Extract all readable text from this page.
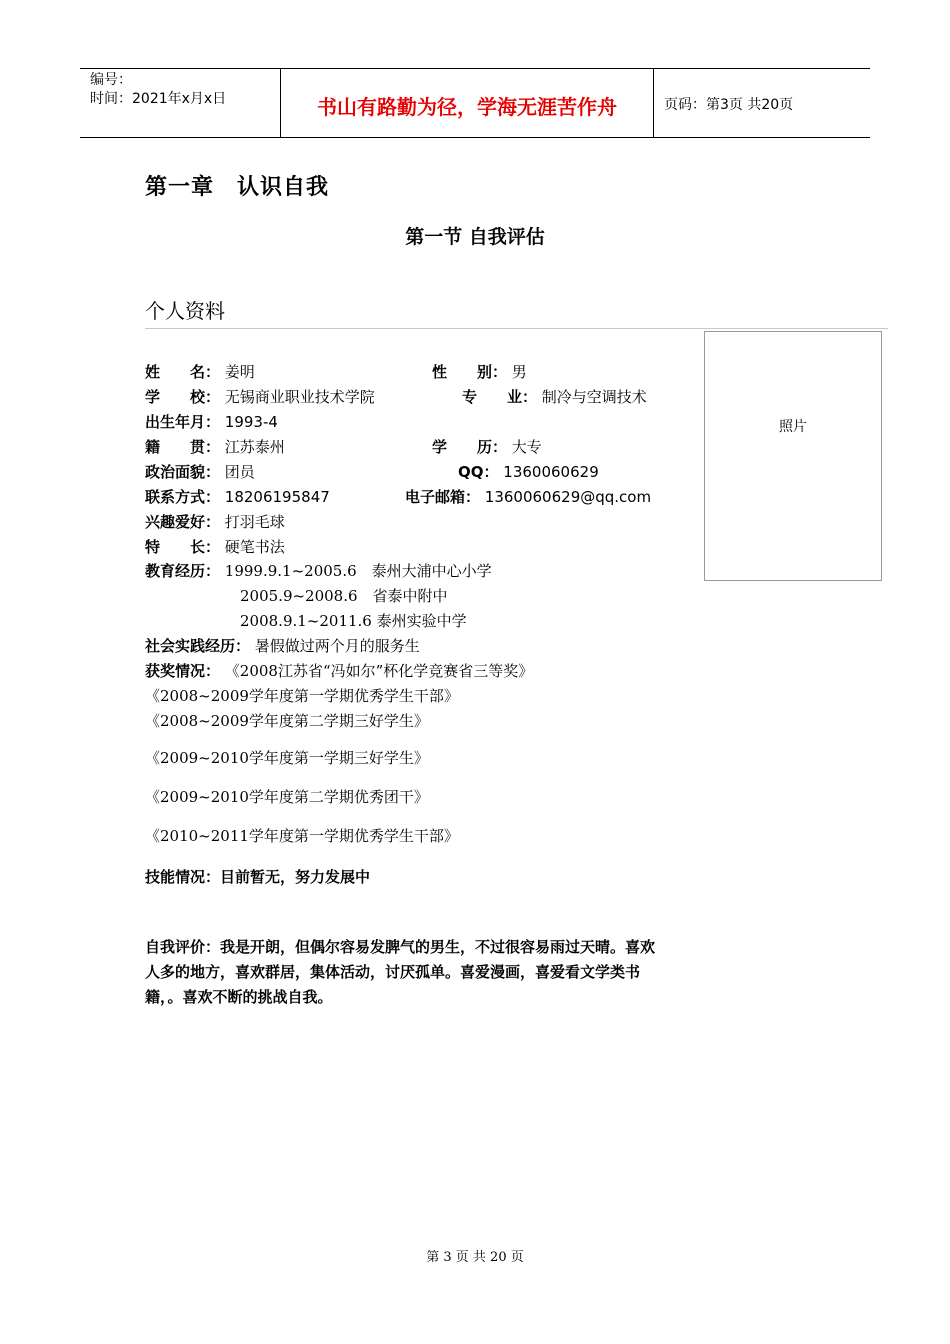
编号：
时间：2021年x月x日	书山有路勤为径，学海无涯苦作舟	页码：第3页 共20页
第一章　认识自我
第一节 自我评估
个人资料
照片
姓　　名： 姜明	性　　别： 男
学　　校： 无锡商业职业技术学院	专　　业： 制冷与空调技术
出生年月： 1993-4
籍　　贯： 江苏泰州	学　　历： 大专
政治面貌： 团员	QQ： 1360060629
联系方式： 18206195847	电子邮箱： 1360060629@qq.com
兴趣爱好： 打羽毛球
特　　长： 硬笔书法
教育经历： 1999.9.1~2005.6　泰州大浦中心小学
2005.9~2008.6　省泰中附中
2008.9.1~2011.6 泰州实验中学
社会实践经历： 暑假做过两个月的服务生
获奖情况： 《2008江苏省“冯如尔”杯化学竞赛省三等奖》
《2008~2009学年度第一学期优秀学生干部》
《2008~2009学年度第二学期三好学生》
《2009~2010学年度第一学期三好学生》
《2009~2010学年度第二学期优秀团干》
《2010~2011学年度第一学期优秀学生干部》
技能情况：目前暂无，努力发展中
自我评价：我是开朗，但偶尔容易发脾气的男生，不过很容易雨过天晴。喜欢
人多的地方，喜欢群居，集体活动，讨厌孤单。喜爱漫画，喜爱看文学类书
籍，。喜欢不断的挑战自我。
第 3 页 共 20 页
